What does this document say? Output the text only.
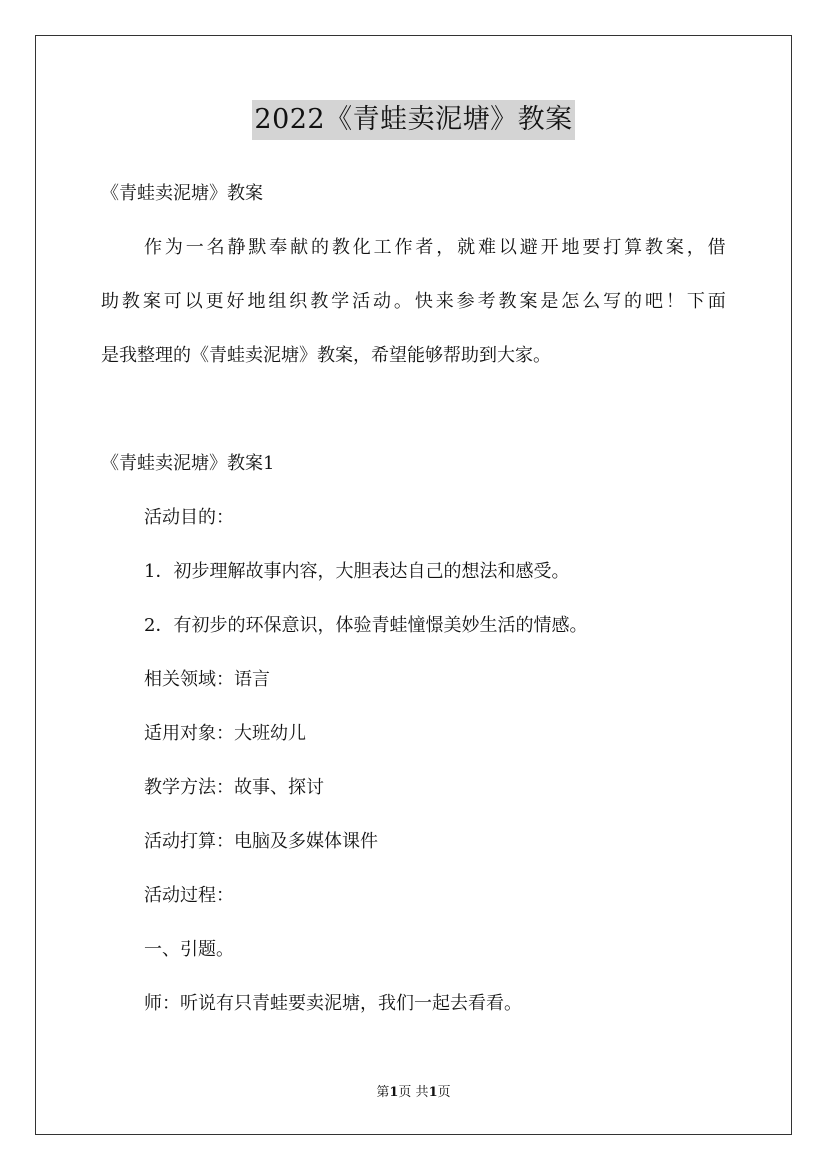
2022《青蛙卖泥塘》教案
《青蛙卖泥塘》教案
作 为 一 名 静 默 奉 献 的 教 化 工 作 者 ， 就 难 以 避 开 地 要 打 算 教 案 ， 借
助 教 案 可 以 更 好 地 组 织 教 学 活 动 。 快 来 参 考 教 案 是 怎 么 写 的 吧 ！ 下 面
是我整理的《青蛙卖泥塘》教案，希望能够帮助到大家。
《青蛙卖泥塘》教案1
活动目的：
1．初步理解故事内容，大胆表达自己的想法和感受。
2．有初步的环保意识，体验青蛙憧憬美妙生活的情感。
相关领域：语言
适用对象：大班幼儿
教学方法：故事、探讨
活动打算：电脑及多媒体课件
活动过程：
一、引题。
师：听说有只青蛙要卖泥塘，我们一起去看看。
第1页 共1页
